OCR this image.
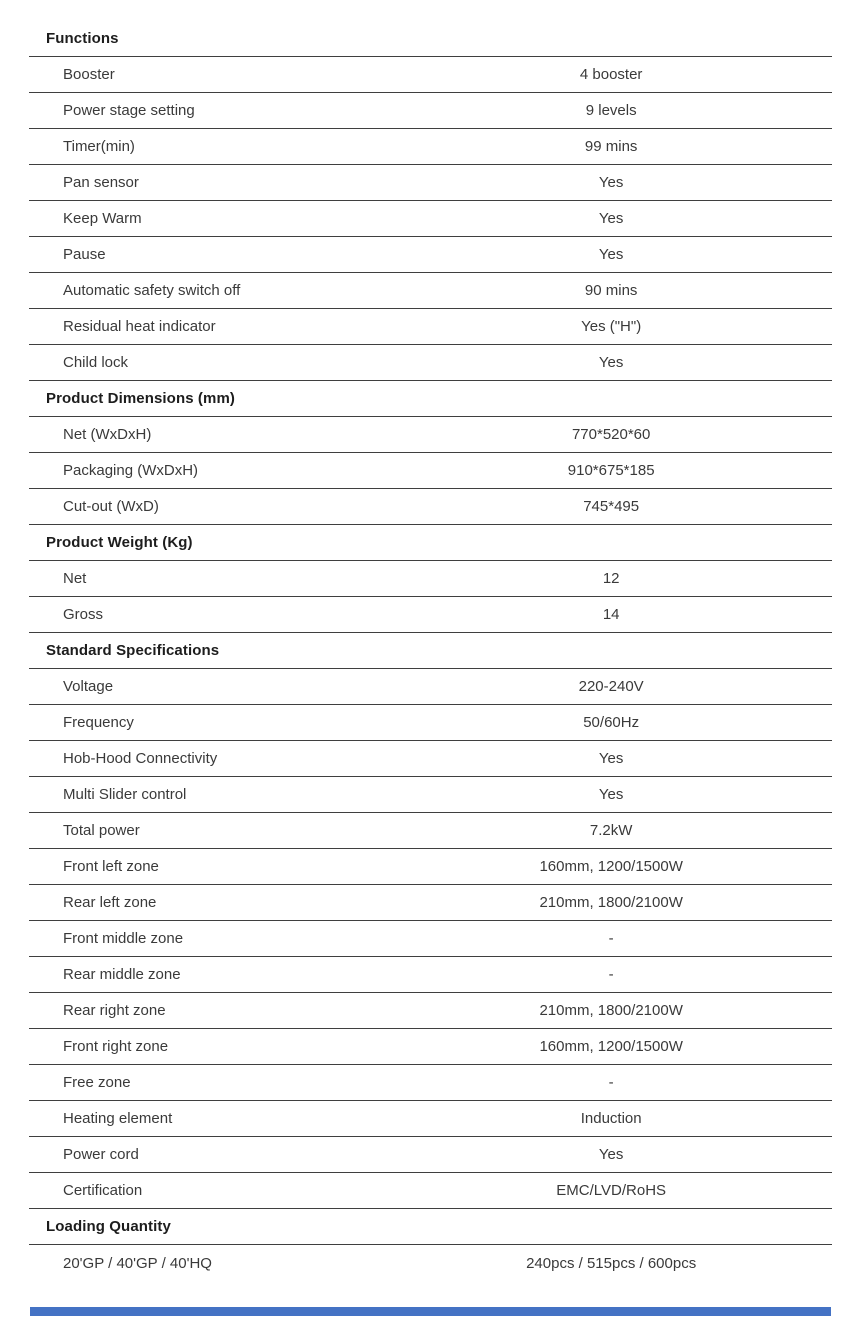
Functions
Booster	4 booster
Power stage setting	9 levels
Timer(min)	99 mins
Pan sensor	Yes
Keep Warm	Yes
Pause	Yes
Automatic safety switch off	90 mins
Residual heat indicator	Yes ("H")
Child lock	Yes
Product Dimensions (mm)
Net (WxDxH)	770*520*60
Packaging (WxDxH)	910*675*185
Cut-out (WxD)	745*495
Product Weight (Kg)
Net	12
Gross	14
Standard Specifications
Voltage	220-240V
Frequency	50/60Hz
Hob-Hood Connectivity	Yes
Multi Slider control	Yes
Total power	7.2kW
Front left zone	160mm, 1200/1500W
Rear left zone	210mm, 1800/2100W
Front middle zone	-
Rear middle zone	-
Rear right zone	210mm, 1800/2100W
Front right zone	160mm, 1200/1500W
Free zone	-
Heating element	Induction
Power cord	Yes
Certification	EMC/LVD/RoHS
Loading Quantity
20'GP / 40'GP / 40'HQ	240pcs / 515pcs / 600pcs
